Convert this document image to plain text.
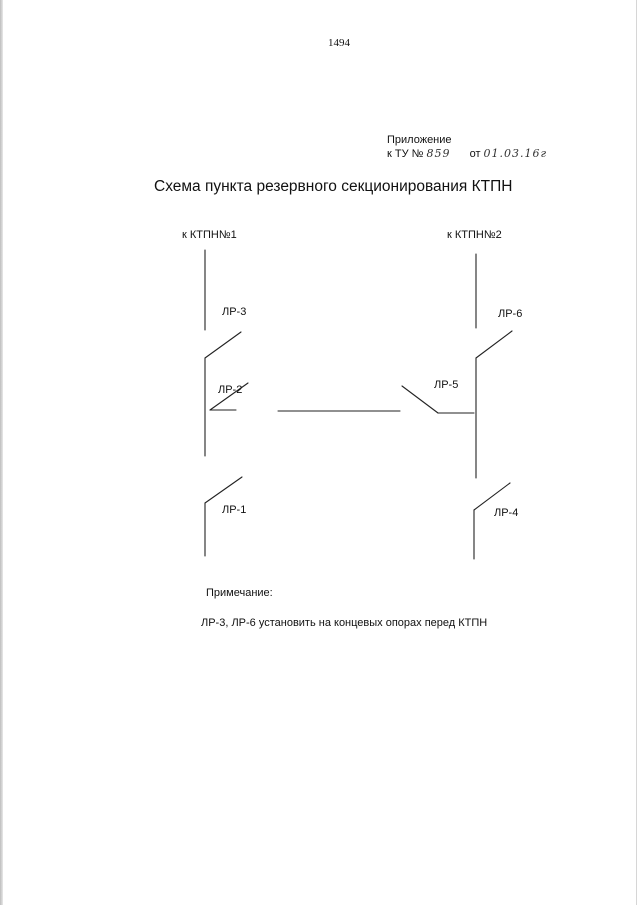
1494
Приложение
к ТУ № 859 от 01.03.16г
Схема пункта резервного секционирования КТПН
к КТПН№1	к КТПН№2
ЛР-3
ЛР-2
ЛР-1
ЛР-6
ЛР-5
ЛР-4
Примечание:
ЛР-3, ЛР-6 установить на концевых опорах перед КТПН
